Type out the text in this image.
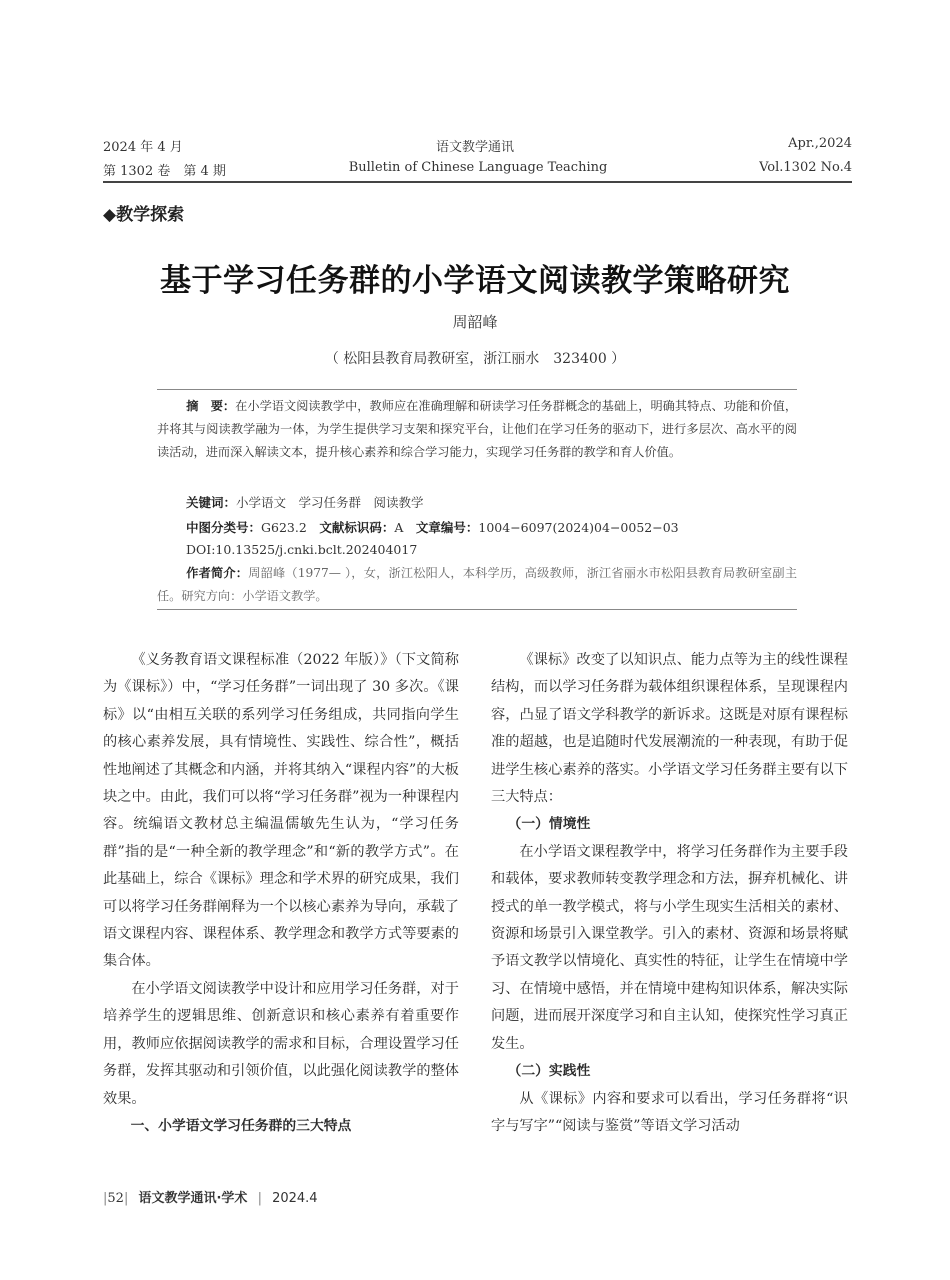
2024 年 4 月
第 1302 卷　第 4 期
语文教学通讯
Bulletin of Chinese Language Teaching
Apr.,2024
Vol.1302 No.4
◆教学探索
基于学习任务群的小学语文阅读教学策略研究
周韶峰
（ 松阳县教育局教研室，浙江丽水　323400 ）
摘　要：在小学语文阅读教学中，教师应在准确理解和研读学习任务群概念的基础上，明确其特点、功能和价值，并将其与阅读教学融为一体，为学生提供学习支架和探究平台，让他们在学习任务的驱动下，进行多层次、高水平的阅读活动，进而深入解读文本，提升核心素养和综合学习能力，实现学习任务群的教学和育人价值。
关键词：小学语文　学习任务群　阅读教学
中图分类号：G623.2　 文献标识码：A　 文章编号：1004−6097(2024)04−0052−03
DOI:10.13525/j.cnki.bclt.202404017
作者简介：周韶峰（1977— ），女，浙江松阳人，本科学历，高级教师，浙江省丽水市松阳县教育局教研室副主任。研究方向：小学语文教学。

《义务教育语文课程标准（2022 年版）》（下文简称为《课标》）中，“学习任务群”一词出现了 30 多次。《课标》以“由相互关联的系列学习任务组成，共同指向学生的核心素养发展，具有情境性、实践性、综合性”，概括性地阐述了其概念和内涵，并将其纳入“课程内容”的大板块之中。由此，我们可以将“学习任务群”视为一种课程内容。统编语文教材总主编温儒敏先生认为，“学习任务群”指的是“一种全新的教学理念”和“新的教学方式”。在此基础上，综合《课标》理念和学术界的研究成果，我们可以将学习任务群阐释为一个以核心素养为导向，承载了语文课程内容、课程体系、教学理念和教学方式等要素的集合体。

在小学语文阅读教学中设计和应用学习任务群，对于培养学生的逻辑思维、创新意识和核心素养有着重要作用，教师应依据阅读教学的需求和目标，合理设置学习任务群，发挥其驱动和引领价值，以此强化阅读教学的整体效果。

一、小学语文学习任务群的三大特点

《课标》改变了以知识点、能力点等为主的线性课程结构，而以学习任务群为载体组织课程体系，呈现课程内容，凸显了语文学科教学的新诉求。这既是对原有课程标准的超越，也是追随时代发展潮流的一种表现，有助于促进学生核心素养的落实。小学语文学习任务群主要有以下三大特点：

（一）情境性

在小学语文课程教学中，将学习任务群作为主要手段和载体，要求教师转变教学理念和方法，摒弃机械化、讲授式的单一教学模式，将与小学生现实生活相关的素材、资源和场景引入课堂教学。引入的素材、资源和场景将赋予语文教学以情境化、真实性的特征，让学生在情境中学习、在情境中感悟，并在情境中建构知识体系，解决实际问题，进而展开深度学习和自主认知，使探究性学习真正发生。

（二）实践性

从《课标》内容和要求可以看出，学习任务群将“识字与写字”“阅读与鉴赏”等语文学习活动

|52| 语文教学通讯·学术 | 2024.4
